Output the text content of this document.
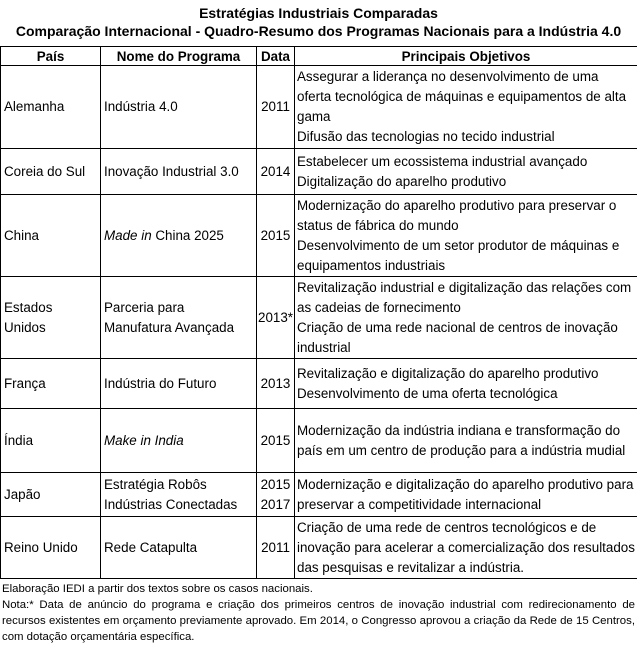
Estratégias Industriais Comparadas

Comparação Internacional - Quadro-Resumo dos Programas Nacionais para a Indústria 4.0

País	Nome do Programa	Data	Principais Objetivos
Alemanha	Indústria 4.0	2011	Assegurar a liderança no desenvolvimento de uma oferta tecnológica de máquinas e equipamentos de alta gama
Difusão das tecnologias no tecido industrial

Coreia do Sul	Inovação Industrial 3.0	2014	Estabelecer um ecossistema industrial avançado
Digitalização do aparelho produtivo

China	Made in China 2025	2015	Modernização do aparelho produtivo para preservar o status de fábrica do mundo
Desenvolvimento de um setor produtor de máquinas e equipamentos industriais

Estados Unidos	Parceria para Manufatura Avançada	2013*	Revitalização industrial e digitalização das relações com as cadeias de fornecimento
Criação de uma rede nacional de centros de inovação industrial

França	Indústria do Futuro	2013	Revitalização e digitalização do aparelho produtivo
Desenvolvimento de uma oferta tecnológica

Índia	Make in India	2015	Modernização da indústria indiana e transformação do país em um centro de produção para a indústria mudial

Japão	Estratégia Robôs Indústrias Conectadas	2015 2017	Modernização e digitalização do aparelho produtivo para preservar a competitividade internacional

Reino Unido	Rede Catapulta	2011	Criação de uma rede de centros tecnológicos e de inovação para acelerar a comercialização dos resultados das pesquisas e revitalizar a indústria.

Elaboração IEDI a partir dos textos sobre os casos nacionais.

Nota:* Data de anúncio do programa e criação dos primeiros centros de inovação industrial com redirecionamento de recursos existentes em orçamento previamente aprovado. Em 2014, o Congresso aprovou a criação da Rede de 15 Centros, com dotação orçamentária específica.
